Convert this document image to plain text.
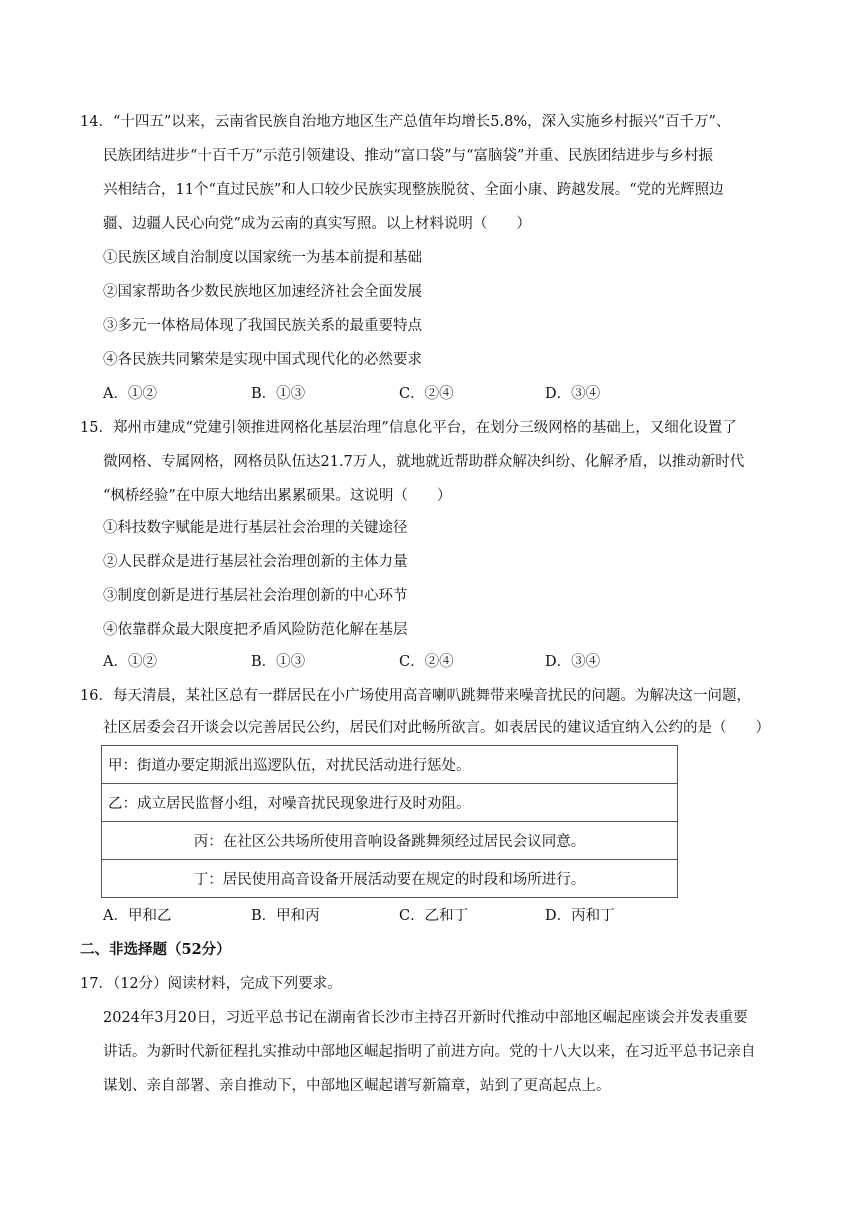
14．“十四五”以来，云南省民族自治地方地区生产总值年均增长5.8%，深入实施乡村振兴“百千万”、
民族团结进步“十百千万”示范引领建设、推动“富口袋”与“富脑袋”并重、民族团结进步与乡村振
兴相结合，11个“直过民族”和人口较少民族实现整族脱贫、全面小康、跨越发展。“党的光辉照边
疆、边疆人民心向党”成为云南的真实写照。以上材料说明（　　）
①民族区域自治制度以国家统一为基本前提和基础
②国家帮助各少数民族地区加速经济社会全面发展
③多元一体格局体现了我国民族关系的最重要特点
④各民族共同繁荣是实现中国式现代化的必然要求
A．①②	B．①③	C．②④	D．③④
15．郑州市建成“党建引领推进网格化基层治理”信息化平台，在划分三级网格的基础上，又细化设置了
微网格、专属网格，网格员队伍达21.7万人，就地就近帮助群众解决纠纷、化解矛盾，以推动新时代
“枫桥经验”在中原大地结出累累硕果。这说明（　　）
①科技数字赋能是进行基层社会治理的关键途径
②人民群众是进行基层社会治理创新的主体力量
③制度创新是进行基层社会治理创新的中心环节
④依靠群众最大限度把矛盾风险防范化解在基层
A．①②	B．①③	C．②④	D．③④
16．每天清晨，某社区总有一群居民在小广场使用高音喇叭跳舞带来噪音扰民的问题。为解决这一问题，
社区居委会召开谈会以完善居民公约，居民们对此畅所欲言。如表居民的建议适宜纳入公约的是（　　）
甲：街道办要定期派出巡逻队伍，对扰民活动进行惩处。
乙：成立居民监督小组，对噪音扰民现象进行及时劝阻。
丙：在社区公共场所使用音响设备跳舞须经过居民会议同意。
丁：居民使用高音设备开展活动要在规定的时段和场所进行。
A．甲和乙	B．甲和丙	C．乙和丁	D．丙和丁
二、非选择题（52分）
17．（12分）阅读材料，完成下列要求。
2024年3月20日，习近平总书记在湖南省长沙市主持召开新时代推动中部地区崛起座谈会并发表重要
讲话。为新时代新征程扎实推动中部地区崛起指明了前进方向。党的十八大以来，在习近平总书记亲自
谋划、亲自部署、亲自推动下，中部地区崛起谱写新篇章，站到了更高起点上。
